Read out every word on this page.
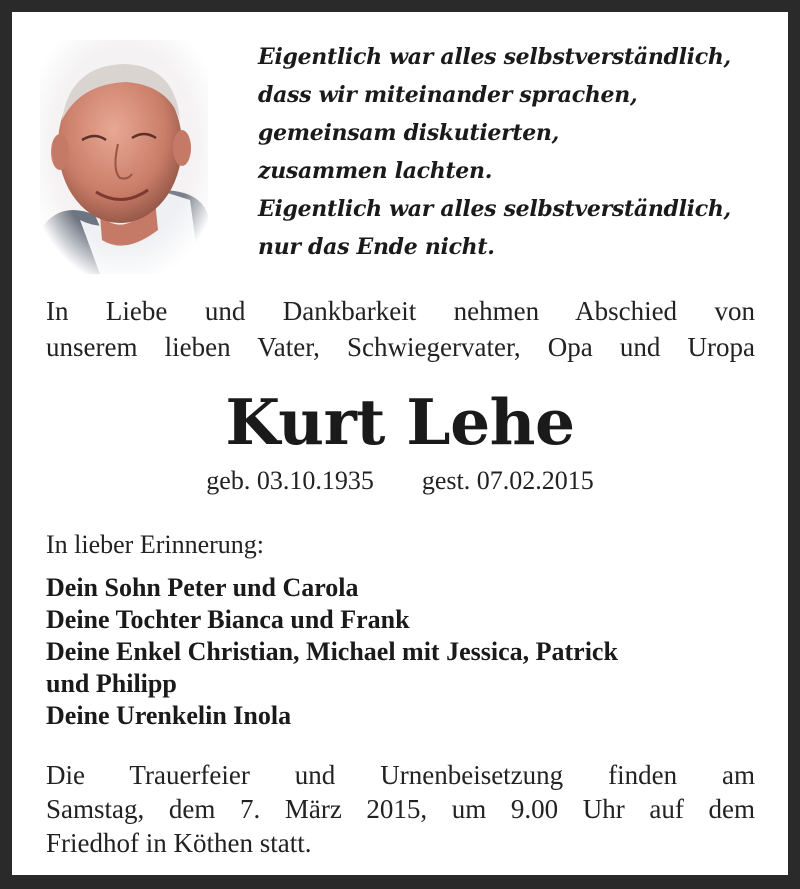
Eigentlich war alles selbstverständlich,
dass wir miteinander sprachen,
gemeinsam diskutierten,
zusammen lachten.
Eigentlich war alles selbstverständlich,
nur das Ende nicht.
In Liebe und Dankbarkeit nehmen Abschied von
unserem lieben Vater, Schwiegervater, Opa und Uropa
Kurt Lehe
geb. 03.10.1935 gest. 07.02.2015
In lieber Erinnerung:
Dein Sohn Peter und Carola
Deine Tochter Bianca und Frank
Deine Enkel Christian, Michael mit Jessica, Patrick
und Philipp
Deine Urenkelin Inola
Die Trauerfeier und Urnenbeisetzung finden am
Samstag, dem 7. März 2015, um 9.00 Uhr auf dem
Friedhof in Köthen statt.
